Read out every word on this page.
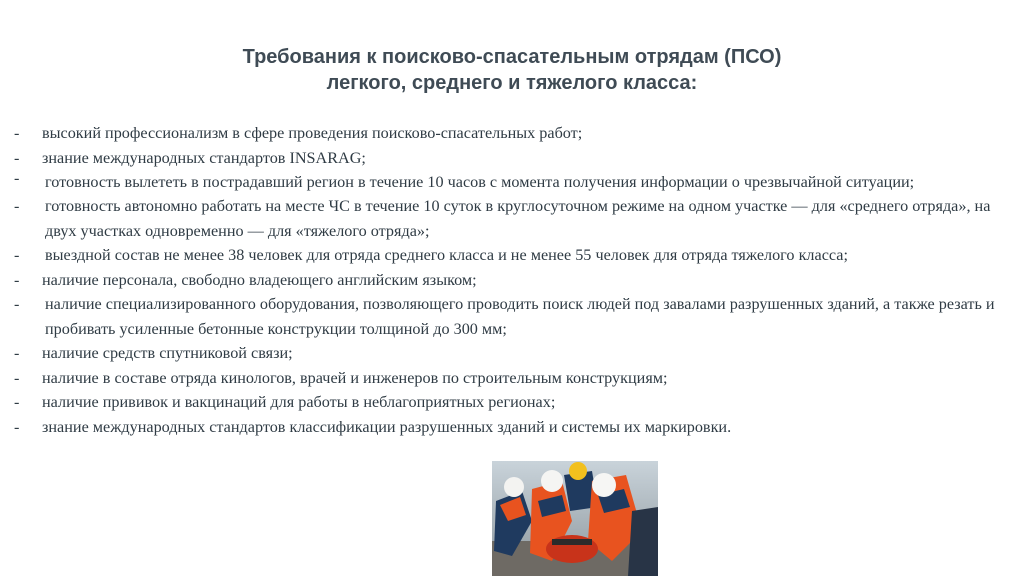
Требования к поисково-спасательным отрядам (ПСО)
легкого, среднего и тяжелого класса:
- высокий профессионализм в сфере проведения поисково-спасательных работ;
- знание международных стандартов INSARAG;
- готовность вылететь в пострадавший регион в течение 10 часов с момента получения информации о чрезвычайной ситуации;
- готовность автономно работать на месте ЧС в течение 10 суток в круглосуточном режиме на одном участке — для «среднего отряда», на двух участках одновременно — для «тяжелого отряда»;
- выездной состав не менее 38 человек для отряда среднего класса и не менее 55 человек для отряда тяжелого класса;
- наличие персонала, свободно владеющего английским языком;
- наличие специализированного оборудования, позволяющего проводить поиск людей под завалами разрушенных зданий, а также резать и пробивать усиленные бетонные конструкции толщиной до 300 мм;
- наличие средств спутниковой связи;
- наличие в составе отряда кинологов, врачей и инженеров по строительным конструкциям;
- наличие прививок и вакцинаций для работы в неблагоприятных регионах;
- знание международных стандартов классификации разрушенных зданий и системы их маркировки.
